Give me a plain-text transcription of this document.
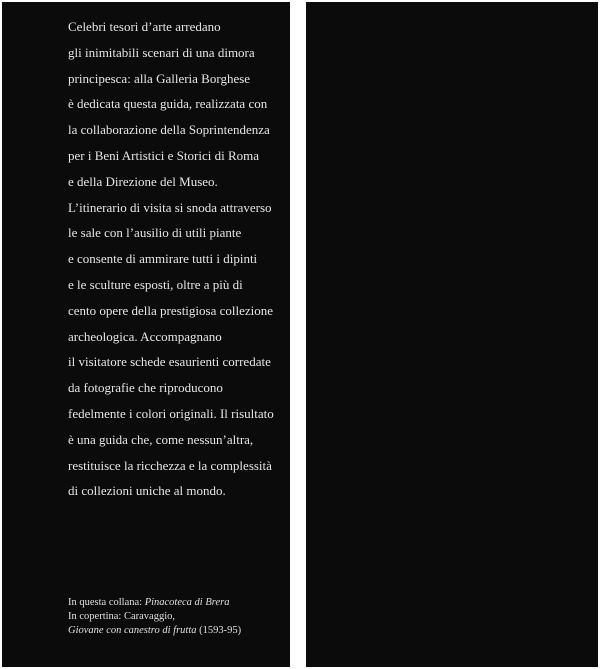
Celebri tesori d’arte arredano
gli inimitabili scenari di una dimora
principesca: alla Galleria Borghese
è dedicata questa guida, realizzata con
la collaborazione della Soprintendenza
per i Beni Artistici e Storici di Roma
e della Direzione del Museo.
L’itinerario di visita si snoda attraverso
le sale con l’ausilio di utili piante
e consente di ammirare tutti i dipinti
e le sculture esposti, oltre a più di
cento opere della prestigiosa collezione
archeologica. Accompagnano
il visitatore schede esaurienti corredate
da fotografie che riproducono
fedelmente i colori originali. Il risultato
è una guida che, come nessun’altra,
restituisce la ricchezza e la complessità
di collezioni uniche al mondo.
In questa collana: Pinacoteca di Brera
In copertina: Caravaggio,
Giovane con canestro di frutta (1593-95)
